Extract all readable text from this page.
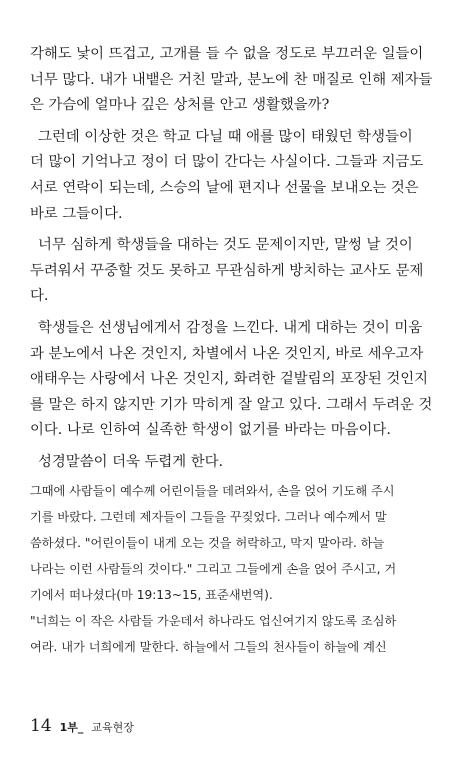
각해도 낯이 뜨겁고, 고개를 들 수 없을 정도로 부끄러운 일들이
너무 많다. 내가 내뱉은 거친 말과, 분노에 찬 매질로 인해 제자들
은 가슴에 얼마나 깊은 상처를 안고 생활했을까?

그런데 이상한 것은 학교 다닐 때 애를 많이 태웠던 학생들이
더 많이 기억나고 정이 더 많이 간다는 사실이다. 그들과 지금도
서로 연락이 되는데, 스승의 날에 편지나 선물을 보내오는 것은
바로 그들이다.

너무 심하게 학생들을 대하는 것도 문제이지만, 말썽 날 것이
두려워서 꾸중할 것도 못하고 무관심하게 방치하는 교사도 문제
다.

학생들은 선생님에게서 감정을 느낀다. 내게 대하는 것이 미움
과 분노에서 나온 것인지, 차별에서 나온 것인지, 바로 세우고자
애태우는 사랑에서 나온 것인지, 화려한 겉발림의 포장된 것인지
를 말은 하지 않지만 기가 막히게 잘 알고 있다. 그래서 두려운 것
이다. 나로 인하여 실족한 학생이 없기를 바라는 마음이다.

성경말씀이 더욱 두렵게 한다.

그때에 사람들이 예수께 어린이들을 데려와서, 손을 얹어 기도해 주시
기를 바랐다. 그런데 제자들이 그들을 꾸짖었다. 그러나 예수께서 말
씀하셨다. "어린이들이 내게 오는 것을 허락하고, 막지 말아라. 하늘
나라는 이런 사람들의 것이다." 그리고 그들에게 손을 얹어 주시고, 거
기에서 떠나셨다(마 19:13~15, 표준새번역).
"너희는 이 작은 사람들 가운데서 하나라도 업신여기지 않도록 조심하
여라. 내가 너희에게 말한다. 하늘에서 그들의 천사들이 하늘에 계신
14 1부_ 교육현장
